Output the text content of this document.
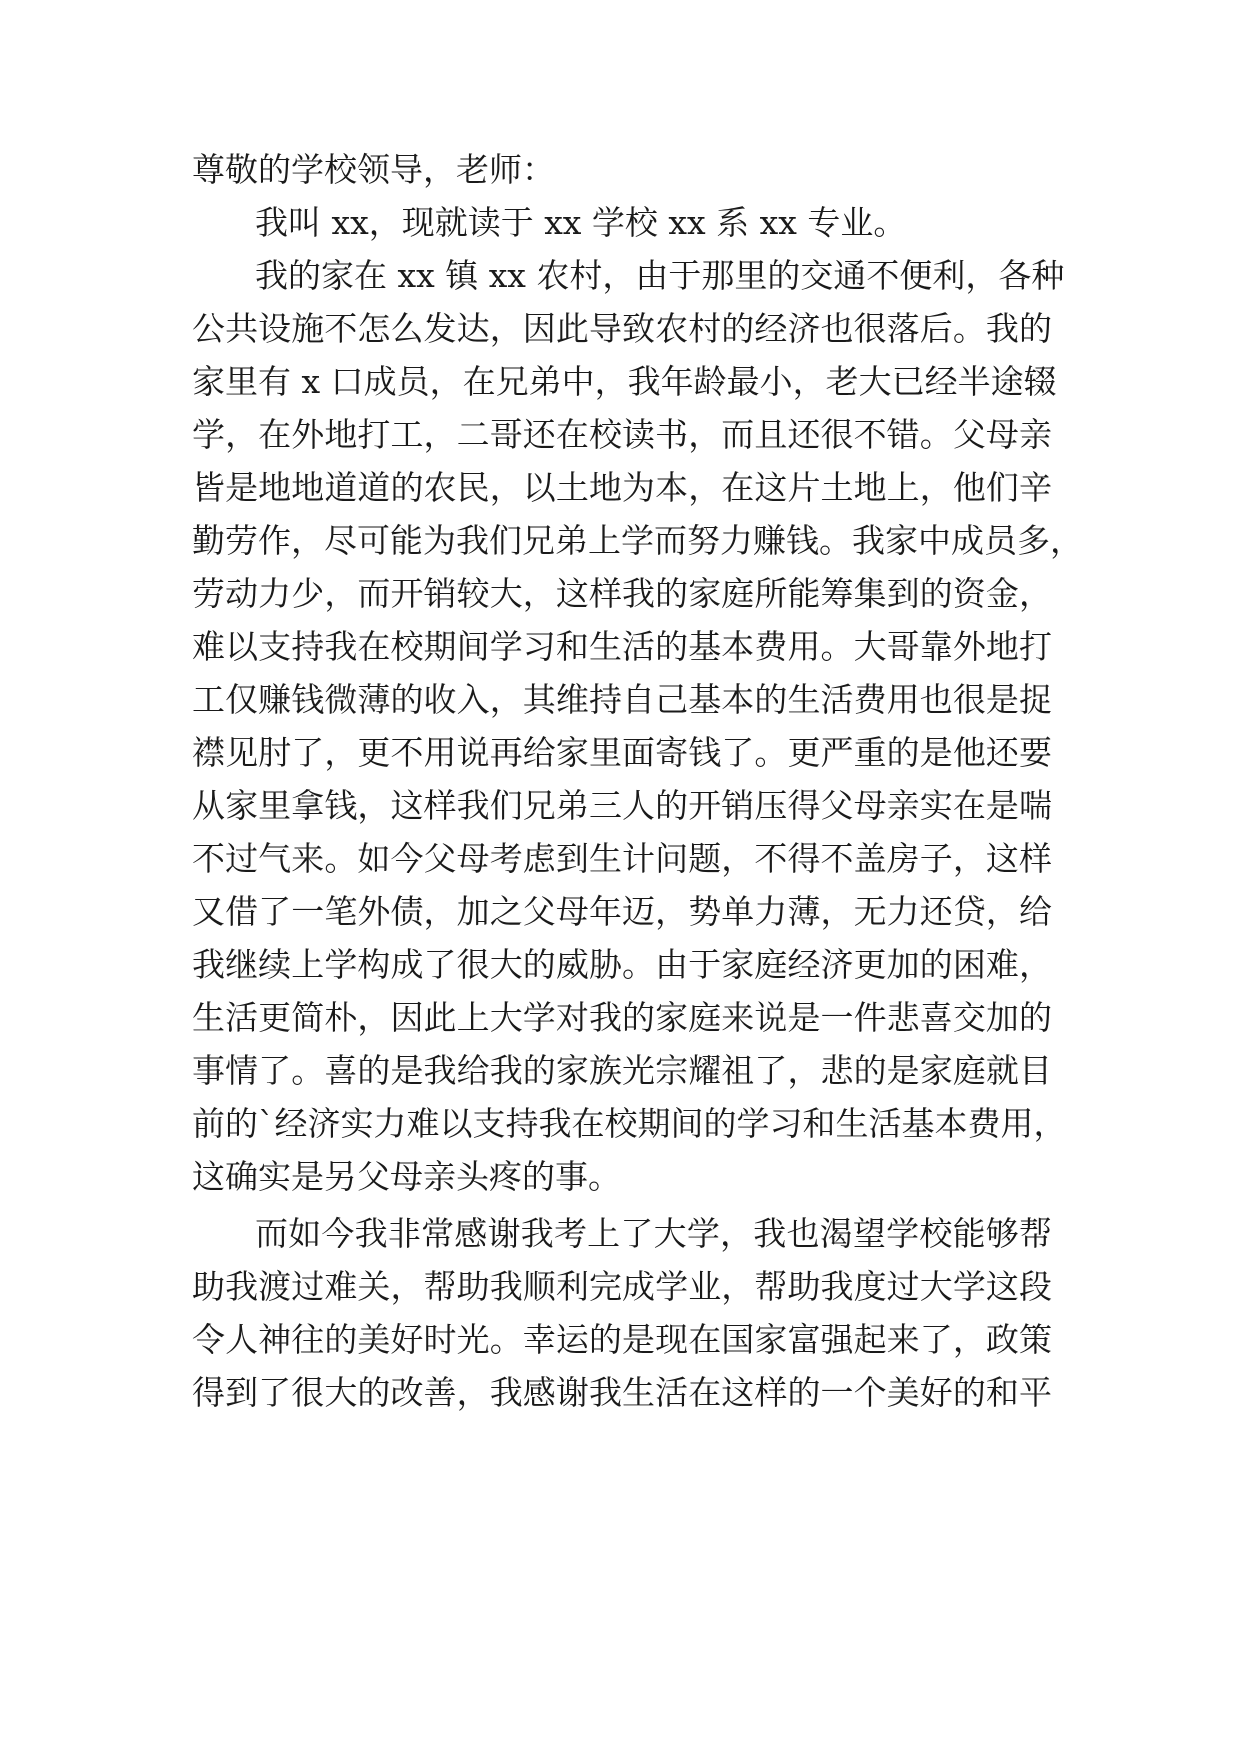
尊敬的学校领导，老师：

我叫 xx，现就读于 xx 学校 xx 系 xx 专业。

我的家在 xx 镇 xx 农村，由于那里的交通不便利，各种

公共设施不怎么发达，因此导致农村的经济也很落后。我的

家里有 x 口成员，在兄弟中，我年龄最小，老大已经半途辍

学，在外地打工，二哥还在校读书，而且还很不错。父母亲

皆是地地道道的农民，以土地为本，在这片土地上，他们辛

勤劳作，尽可能为我们兄弟上学而努力赚钱。我家中成员多，

劳动力少，而开销较大，这样我的家庭所能筹集到的资金，

难以支持我在校期间学习和生活的基本费用。大哥靠外地打

工仅赚钱微薄的收入，其维持自己基本的生活费用也很是捉

襟见肘了，更不用说再给家里面寄钱了。更严重的是他还要

从家里拿钱，这样我们兄弟三人的开销压得父母亲实在是喘

不过气来。如今父母考虑到生计问题，不得不盖房子，这样

又借了一笔外债，加之父母年迈，势单力薄，无力还贷，给

我继续上学构成了很大的威胁。由于家庭经济更加的困难，

生活更简朴，因此上大学对我的家庭来说是一件悲喜交加的

事情了。喜的是我给我的家族光宗耀祖了，悲的是家庭就目

前的`经济实力难以支持我在校期间的学习和生活基本费用，

这确实是另父母亲头疼的事。

而如今我非常感谢我考上了大学，我也渴望学校能够帮

助我渡过难关，帮助我顺利完成学业，帮助我度过大学这段

令人神往的美好时光。幸运的是现在国家富强起来了，政策

得到了很大的改善，我感谢我生活在这样的一个美好的和平
